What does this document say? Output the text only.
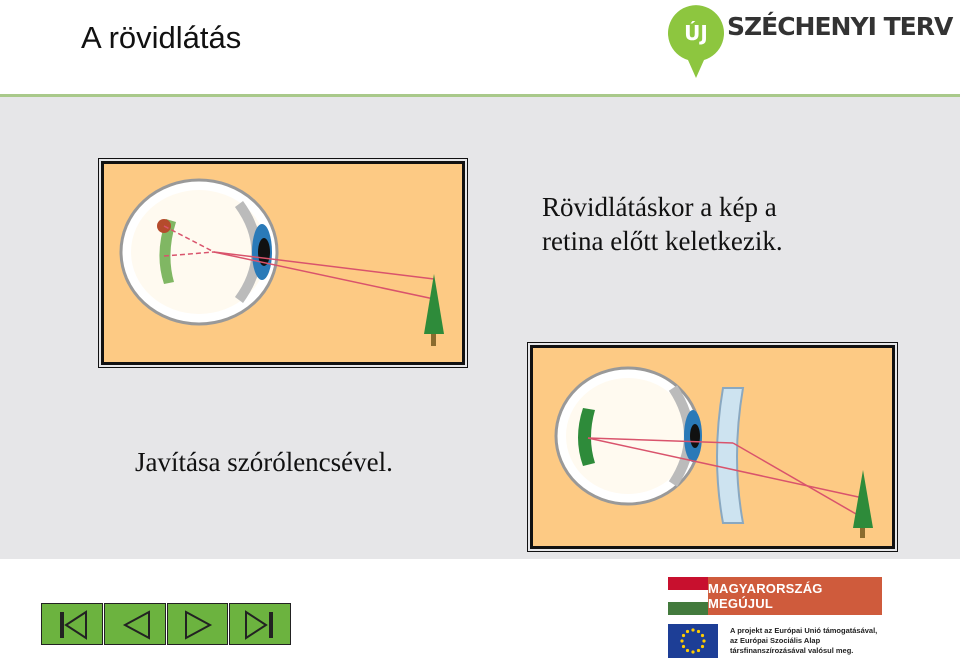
A rövidlátás	ÚJ SZÉCHENYI TERV
Rövidlátáskor a kép a
retina előtt keletkezik.
Javítása szórólencsével.
MAGYARORSZÁG MEGÚJUL
A projekt az Európai Unió támogatásával,
az Európai Szociális Alap
társfinanszírozásával valósul meg.
